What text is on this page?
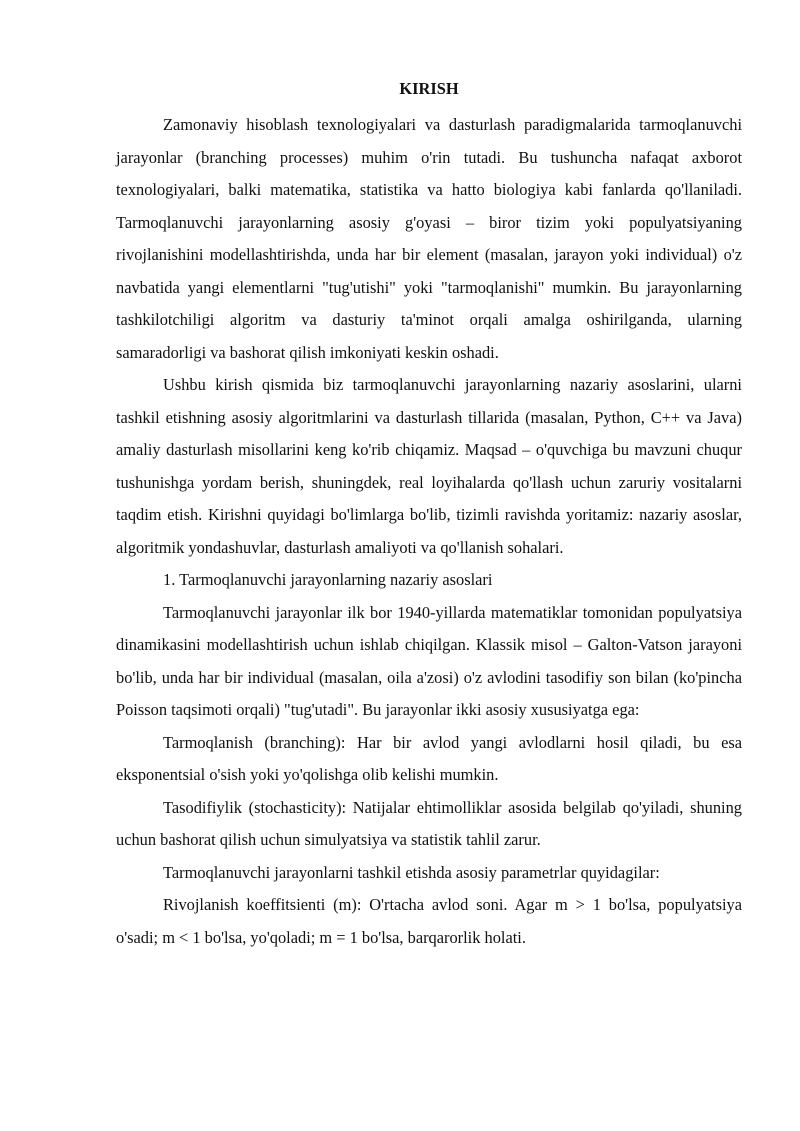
KIRISH

Zamonaviy hisoblash texnologiyalari va dasturlash paradigmalarida tarmoqlanuvchi jarayonlar (branching processes) muhim o'rin tutadi. Bu tushuncha nafaqat axborot texnologiyalari, balki matematika, statistika va hatto biologiya kabi fanlarda qo'llaniladi. Tarmoqlanuvchi jarayonlarning asosiy g'oyasi – biror tizim yoki populyatsiyaning rivojlanishini modellashtirishda, unda har bir element (masalan, jarayon yoki individual) o'z navbatida yangi elementlarni "tug'utishi" yoki "tarmoqlanishi" mumkin. Bu jarayonlarning tashkilotchiligi algoritm va dasturiy ta'minot orqali amalga oshirilganda, ularning samaradorligi va bashorat qilish imkoniyati keskin oshadi.

Ushbu kirish qismida biz tarmoqlanuvchi jarayonlarning nazariy asoslarini, ularni tashkil etishning asosiy algoritmlarini va dasturlash tillarida (masalan, Python, C++ va Java) amaliy dasturlash misollarini keng ko'rib chiqamiz. Maqsad – o'quvchiga bu mavzuni chuqur tushunishga yordam berish, shuningdek, real loyihalarda qo'llash uchun zaruriy vositalarni taqdim etish. Kirishni quyidagi bo'limlarga bo'lib, tizimli ravishda yoritamiz: nazariy asoslar, algoritmik yondashuvlar, dasturlash amaliyoti va qo'llanish sohalari.

1. Tarmoqlanuvchi jarayonlarning nazariy asoslari

Tarmoqlanuvchi jarayonlar ilk bor 1940-yillarda matematiklar tomonidan populyatsiya dinamikasini modellashtirish uchun ishlab chiqilgan. Klassik misol – Galton-Vatson jarayoni bo'lib, unda har bir individual (masalan, oila a'zosi) o'z avlodini tasodifiy son bilan (ko'pincha Poisson taqsimoti orqali) "tug'utadi". Bu jarayonlar ikki asosiy xususiyatga ega:

Tarmoqlanish (branching): Har bir avlod yangi avlodlarni hosil qiladi, bu esa eksponentsial o'sish yoki yo'qolishga olib kelishi mumkin.

Tasodifiylik (stochasticity): Natijalar ehtimolliklar asosida belgilab qo'yiladi, shuning uchun bashorat qilish uchun simulyatsiya va statistik tahlil zarur.

Tarmoqlanuvchi jarayonlarni tashkil etishda asosiy parametrlar quyidagilar:

Rivojlanish koeffitsienti (m): O'rtacha avlod soni. Agar m > 1 bo'lsa, populyatsiya o'sadi; m < 1 bo'lsa, yo'qoladi; m = 1 bo'lsa, barqarorlik holati.
